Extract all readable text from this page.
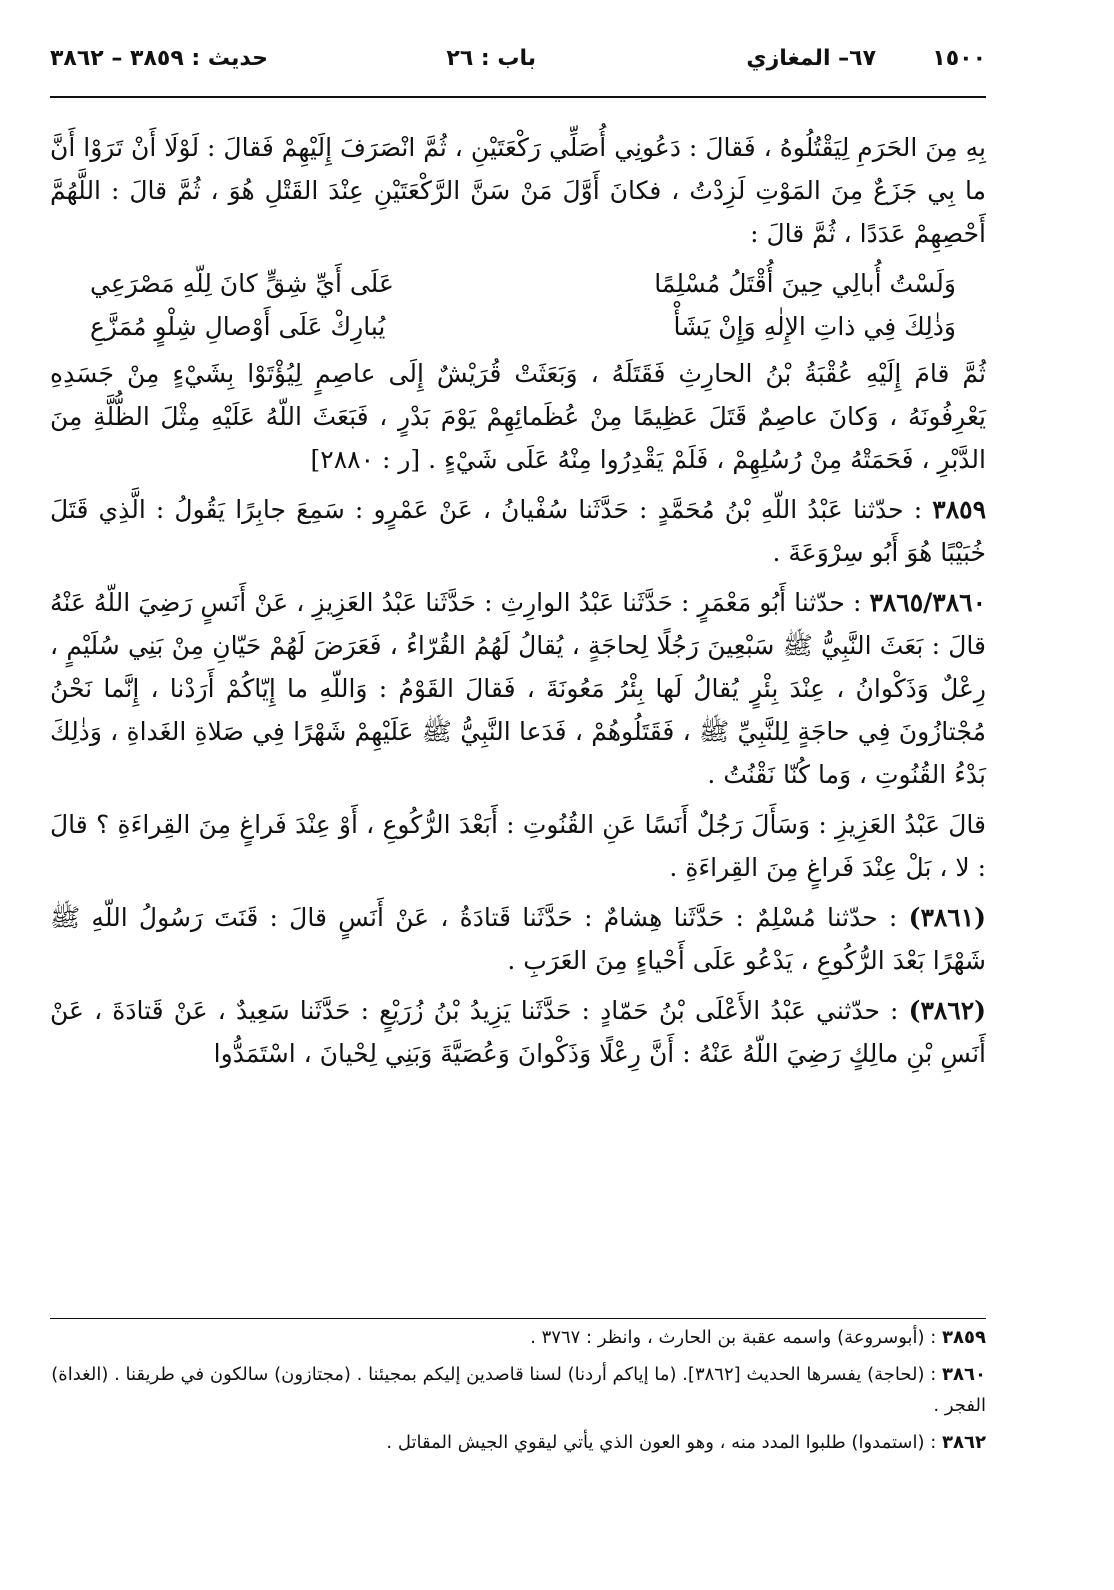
١٥٠٠
٦٧– المغازي
باب : ٢٦
حديث : ٣٨٥٩ – ٣٨٦٢

بِهِ مِنَ الحَرَمِ لِيَقْتُلُوهُ ، فَقالَ : دَعُونِي أُصَلِّي رَكْعَتَيْنِ ، ثُمَّ انْصَرَفَ إِلَيْهِمْ فَقالَ : لَوْلَا أَنْ تَرَوْا أَنَّ ما بِي جَزَعٌ مِنَ المَوْتِ لَزِدْتُ ، فكانَ أَوَّلَ مَنْ سَنَّ الرَّكْعَتَيْنِ عِنْدَ القَتْلِ هُوَ ، ثُمَّ قالَ : اللَّهُمَّ أَحْصِهِمْ عَدَدًا ، ثُمَّ قالَ :

وَلَسْتُ أُبالِي حِينَ أُقْتَلُ مُسْلِمًا
عَلَى أَيِّ شِقٍّ كانَ لِلّهِ مَصْرَعِي
وَذٰلِكَ فِي ذاتِ الإِلٰهِ وَإِنْ يَشَأْ
يُبارِكْ عَلَى أَوْصالِ شِلْوٍ مُمَزَّعِ

ثُمَّ قامَ إِلَيْهِ عُقْبَةُ بْنُ الحارِثِ فَقَتَلَهُ ، وَبَعَثَتْ قُرَيْشٌ إِلَى عاصِمٍ لِيُؤْتَوْا بِشَيْءٍ مِنْ جَسَدِهِ يَعْرِفُونَهُ ، وَكانَ عاصِمٌ قَتَلَ عَظِيمًا مِنْ عُظَمائِهِمْ يَوْمَ بَدْرٍ ، فَبَعَثَ اللّهُ عَلَيْهِ مِثْلَ الظُّلَّةِ مِنَ الدَّبْرِ ، فَحَمَتْهُ مِنْ رُسُلِهِمْ ، فَلَمْ يَقْدِرُوا مِنْهُ عَلَى شَيْءٍ . [ر : ٢٨٨٠]

٣٨٥٩ : حدّثنا عَبْدُ اللّهِ بْنُ مُحَمَّدٍ : حَدَّثَنا سُفْيانُ ، عَنْ عَمْرٍو : سَمِعَ جابِرًا يَقُولُ : الَّذِي قَتَلَ خُبَيْبًا هُوَ أَبُو سِرْوَعَةَ .

٣٨٦٥/٣٨٦٠ : حدّثنا أَبُو مَعْمَرٍ : حَدَّثَنا عَبْدُ الوارِثِ : حَدَّثَنا عَبْدُ العَزِيزِ ، عَنْ أَنَسٍ رَضِيَ اللّهُ عَنْهُ قالَ : بَعَثَ النَّبِيُّ ﷺ سَبْعِينَ رَجُلًا لِحاجَةٍ ، يُقالُ لَهُمُ القُرّاءُ ، فَعَرَضَ لَهُمْ حَيّانِ مِنْ بَنِي سُلَيْمٍ ، رِعْلٌ وَذَكْوانُ ، عِنْدَ بِئْرٍ يُقالُ لَها بِئْرُ مَعُونَةَ ، فَقالَ القَوْمُ : وَاللّهِ ما إِيّاكُمْ أَرَدْنا ، إِنَّما نَحْنُ مُجْتازُونَ فِي حاجَةٍ لِلنَّبِيِّ ﷺ ، فَقَتَلُوهُمْ ، فَدَعا النَّبِيُّ ﷺ عَلَيْهِمْ شَهْرًا فِي صَلاةِ الغَداةِ ، وَذٰلِكَ بَدْءُ القُنُوتِ ، وَما كُنّا نَقْنُتُ .

قالَ عَبْدُ العَزِيزِ : وَسَأَلَ رَجُلٌ أَنَسًا عَنِ القُنُوتِ : أَبَعْدَ الرُّكُوعِ ، أَوْ عِنْدَ فَراغٍ مِنَ القِراءَةِ ؟ قالَ : لا ، بَلْ عِنْدَ فَراغٍ مِنَ القِراءَةِ .

(٣٨٦١) : حدّثنا مُسْلِمٌ : حَدَّثَنا هِشامٌ : حَدَّثَنا قَتادَةُ ، عَنْ أَنَسٍ قالَ : قَنَتَ رَسُولُ اللّهِ ﷺ شَهْرًا بَعْدَ الرُّكُوعِ ، يَدْعُو عَلَى أَحْياءٍ مِنَ العَرَبِ .

(٣٨٦٢) : حدّثني عَبْدُ الأَعْلَى بْنُ حَمّادٍ : حَدَّثَنا يَزِيدُ بْنُ زُرَيْعٍ : حَدَّثَنا سَعِيدٌ ، عَنْ قَتادَةَ ، عَنْ أَنَسِ بْنِ مالِكٍ رَضِيَ اللّهُ عَنْهُ : أَنَّ رِعْلًا وَذَكْوانَ وَعُصَيَّةَ وَبَنِي لِحْيانَ ، اسْتَمَدُّوا

٣٨٥٩ : (أبوسروعة) واسمه عقبة بن الحارث ، وانظر : ٣٧٦٧ .

٣٨٦٠ : (لحاجة) يفسرها الحديث [٣٨٦٢]. (ما إياكم أردنا) لسنا قاصدين إليكم بمجيئنا . (مجتازون) سالكون في طريقنا . (الغداة) الفجر .

٣٨٦٢ : (استمدوا) طلبوا المدد منه ، وهو العون الذي يأتي ليقوي الجيش المقاتل .
